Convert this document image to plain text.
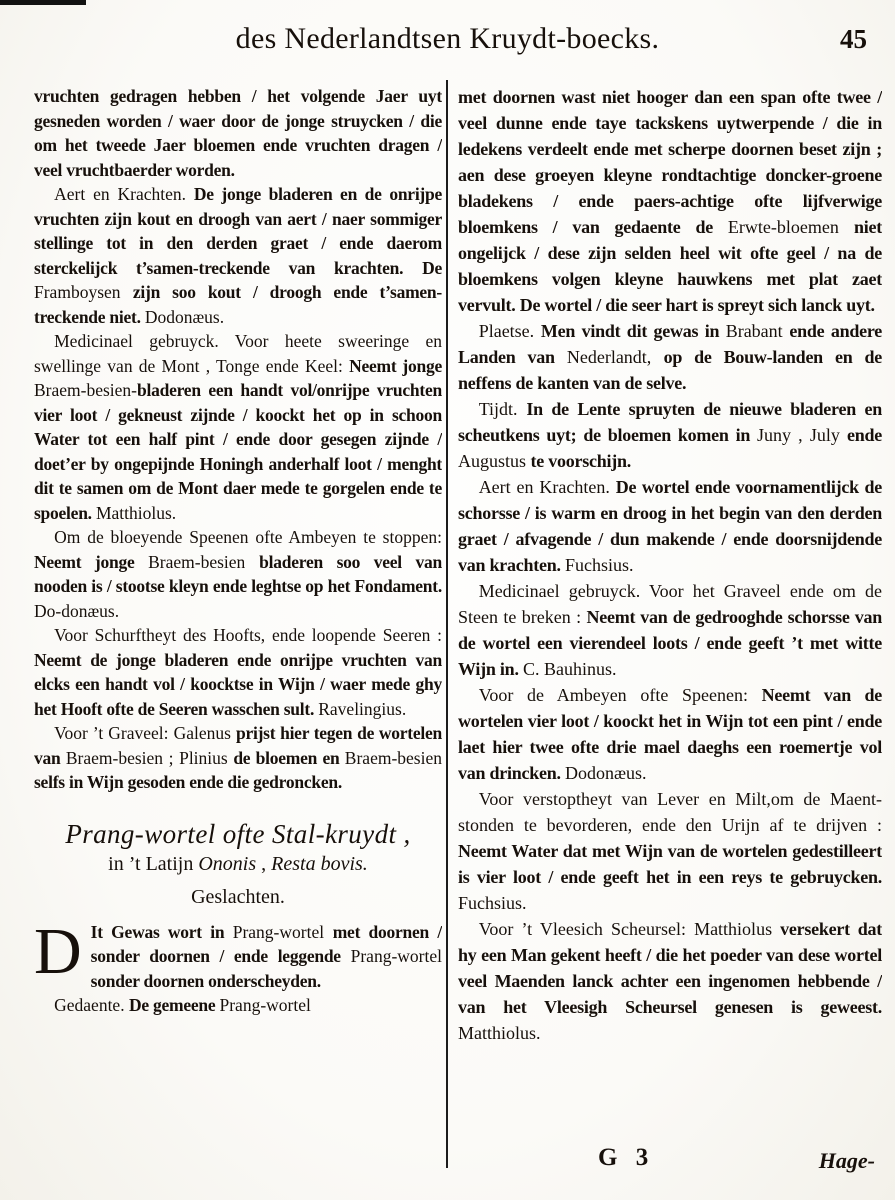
des Nederlandtsen Kruydt-boecks.	45

vruchten gedragen hebben / het volgende Jaer uyt gesneden worden / waer door de jonge struycken / die om het tweede Jaer bloemen ende vruchten dragen / veel vruchtbaerder worden.

Aert en Krachten. De jonge bladeren en de onrijpe vruchten zijn kout en droogh van aert / naer sommiger stellinge tot in den derden graet / ende daerom sterckelijck t’samen-treckende van krachten. De Framboysen zijn soo kout / droogh ende t’samen-treckende niet. Dodonæus.

Medicinael gebruyck. Voor heete sweeringe en swellinge van de Mont , Tonge ende Keel: Neemt jonge Braem-besien-bladeren een handt vol/onrijpe vruchten vier loot / gekneust zijnde / koockt het op in schoon Water tot een half pint / ende door gesegen zijnde / doet’er by ongepijnde Honingh anderhalf loot / menght dit te samen om de Mont daer mede te gorgelen ende te spoelen. Matthiolus.

Om de bloeyende Speenen ofte Ambeyen te stoppen: Neemt jonge Braem-besien bladeren soo veel van nooden is / stootse kleyn ende leghtse op het Fondament. Do-donæus.

Voor Schurftheyt des Hoofts, ende loopende Seeren : Neemt de jonge bladeren ende onrijpe vruchten van elcks een handt vol / koocktse in Wijn / waer mede ghy het Hooft ofte de Seeren wasschen sult. Ravelingius.

Voor ’t Graveel: Galenus prijst hier tegen de wortelen van Braem-besien ; Plinius de bloemen en Braem-besien selfs in Wijn gesoden ende die gedroncken.

Prang-wortel ofte Stal-kruydt ,

in ’t Latijn Ononis , Resta bovis.

Geslachten.

D It Gewas wort in Prang-wortel met doornen / sonder doornen / ende leggende Prang-wortel sonder doornen onderscheyden.

Gedaente. De gemeene Prang-wortel

met doornen wast niet hooger dan een span ofte twee / veel dunne ende taye tackskens uytwerpende / die in ledekens verdeelt ende met scherpe doornen beset zijn ; aen dese groeyen kleyne rondtachtige doncker-groene bladekens / ende paers-achtige ofte lijfverwige bloemkens / van gedaente de Erwte-bloemen niet ongelijck / dese zijn selden heel wit ofte geel / na de bloemkens volgen kleyne hauwkens met plat zaet vervult. De wortel / die seer hart is spreyt sich lanck uyt.

Plaetse. Men vindt dit gewas in Brabant ende andere Landen van Nederlandt, op de Bouw-landen en de neffens de kanten van de selve.

Tijdt. In de Lente spruyten de nieuwe bladeren en scheutkens uyt; de bloemen komen in Juny , July ende Augustus te voorschijn.

Aert en Krachten. De wortel ende voornamentlijck de schorsse / is warm en droog in het begin van den derden graet / afvagende / dun makende / ende doorsnijdende van krachten. Fuchsius.

Medicinael gebruyck. Voor het Graveel ende om de Steen te breken : Neemt van de gedrooghde schorsse van de wortel een vierendeel loots / ende geeft ’t met witte Wijn in. C. Bauhinus.

Voor de Ambeyen ofte Speenen: Neemt van de wortelen vier loot / koockt het in Wijn tot een pint / ende laet hier twee ofte drie mael daeghs een roemertje vol van drincken. Dodonæus.

Voor verstoptheyt van Lever en Milt,om de Maent-stonden te bevorderen, ende den Urijn af te drijven : Neemt Water dat met Wijn van de wortelen gedestilleert is vier loot / ende geeft het in een reys te gebruycken. Fuchsius.

Voor ’t Vleesich Scheursel: Matthiolus versekert dat hy een Man gekent heeft / die het poeder van dese wortel veel Maenden lanck achter een ingenomen hebbende / van het Vleesigh Scheursel genesen is geweest. Matthiolus.

G 3	Hage-
